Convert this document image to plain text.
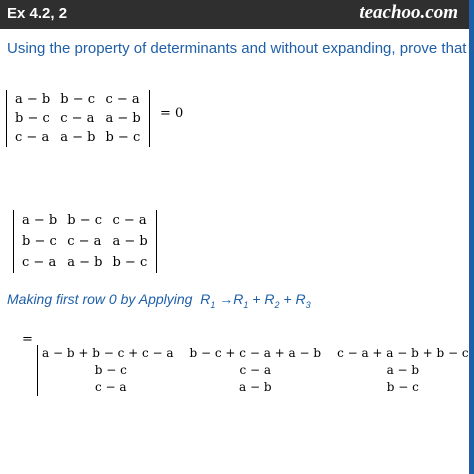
Ex 4.2, 2	teachoo.com
Using the property of determinants and without expanding, prove that
a − b	b − c	c − a
b − c	c − a	a − b
c − a	a − b	b − c
= 0
a − b	b − c	c − a
b − c	c − a	a − b
c − a	a − b	b − c
Making first row 0 by Applying $R_1 \to R_1 + R_2 + R_3$
=
a − b + b − c + c − a	b − c + c − a + a − b	c − a + a − b + b − c
b − c	c − a	a − b
c − a	a − b	b − c
